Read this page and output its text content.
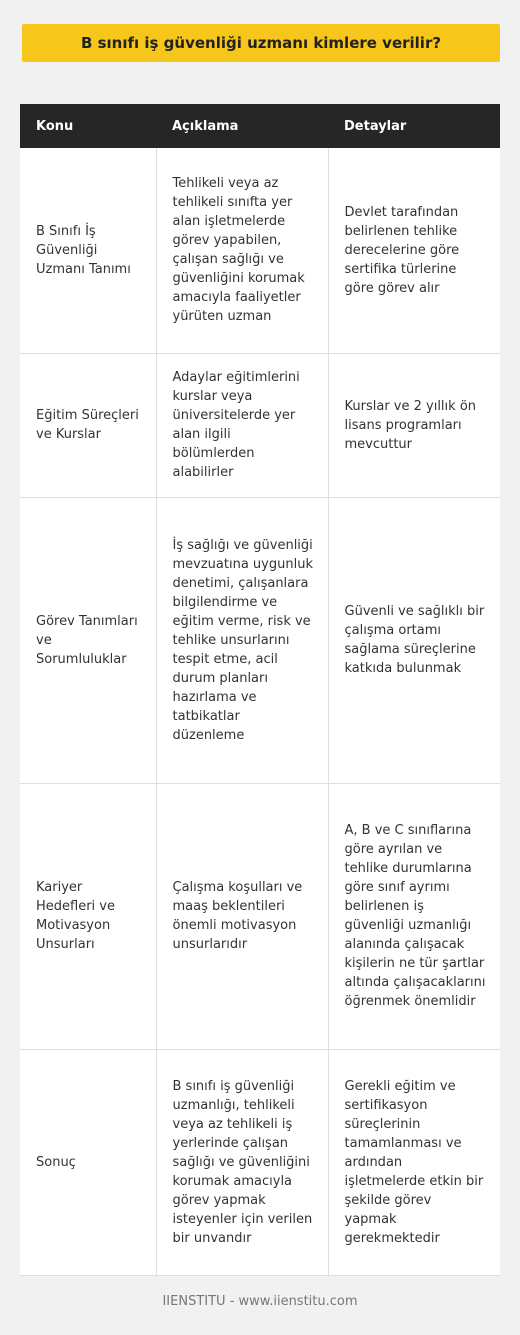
B sınıfı iş güvenliği uzmanı kimlere verilir?
Konu	Açıklama	Detaylar
B Sınıfı İş Güvenliği Uzmanı Tanımı	Tehlikeli veya az tehlikeli sınıfta yer alan işletmelerde görev yapabilen, çalışan sağlığı ve güvenliğini korumak amacıyla faaliyetler yürüten uzman	Devlet tarafından belirlenen tehlike derecelerine göre sertifika türlerine göre görev alır
Eğitim Süreçleri ve Kurslar	Adaylar eğitimlerini kurslar veya üniversitelerde yer alan ilgili bölümlerden alabilirler	Kurslar ve 2 yıllık ön lisans programları mevcuttur
Görev Tanımları ve Sorumluluklar	İş sağlığı ve güvenliği mevzuatına uygunluk denetimi, çalışanlara bilgilendirme ve eğitim verme, risk ve tehlike unsurlarını tespit etme, acil durum planları hazırlama ve tatbikatlar düzenleme	Güvenli ve sağlıklı bir çalışma ortamı sağlama süreçlerine katkıda bulunmak
Kariyer Hedefleri ve Motivasyon Unsurları	Çalışma koşulları ve maaş beklentileri önemli motivasyon unsurlarıdır	A, B ve C sınıflarına göre ayrılan ve tehlike durumlarına göre sınıf ayrımı belirlenen iş güvenliği uzmanlığı alanında çalışacak kişilerin ne tür şartlar altında çalışacaklarını öğrenmek önemlidir
Sonuç	B sınıfı iş güvenliği uzmanlığı, tehlikeli veya az tehlikeli iş yerlerinde çalışan sağlığı ve güvenliğini korumak amacıyla görev yapmak isteyenler için verilen bir unvandır	Gerekli eğitim ve sertifikasyon süreçlerinin tamamlanması ve ardından işletmelerde etkin bir şekilde görev yapmak gerekmektedir
IIENSTITU - www.iienstitu.com
